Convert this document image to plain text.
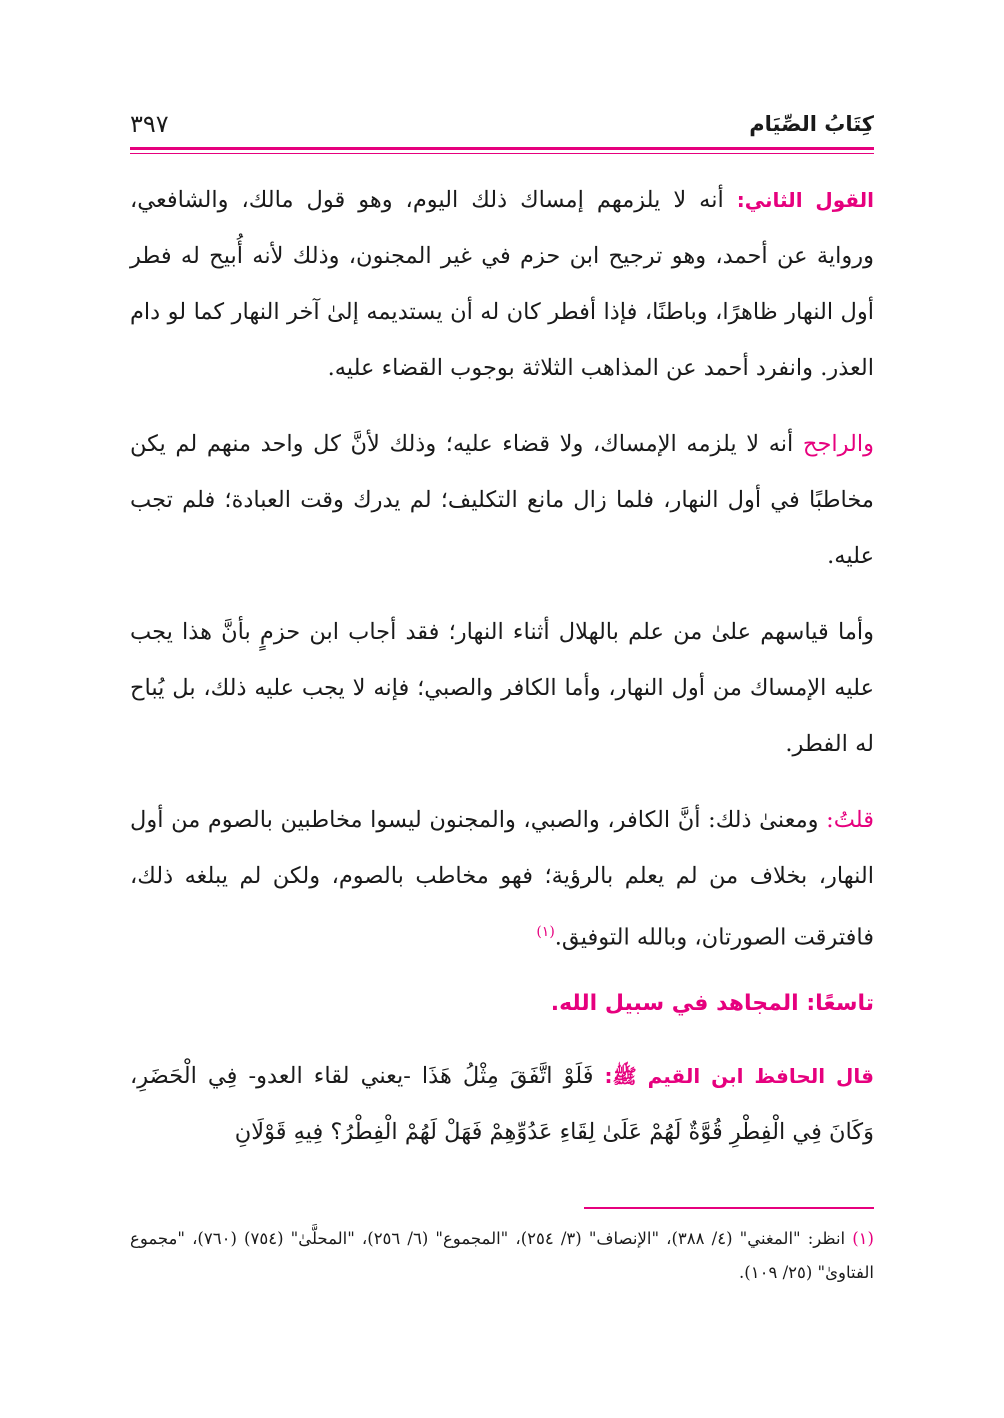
٣٩٧	كِتَابُ الصِّيَام

القول الثاني: أنه لا يلزمهم إمساك ذلك اليوم، وهو قول مالك، والشافعي، ورواية عن أحمد، وهو ترجيح ابن حزم في غير المجنون، وذلك لأنه أُبيح له فطر أول النهار ظاهرًا، وباطنًا، فإذا أفطر كان له أن يستديمه إلىٰ آخر النهار كما لو دام العذر. وانفرد أحمد عن المذاهب الثلاثة بوجوب القضاء عليه.

والراجح أنه لا يلزمه الإمساك، ولا قضاء عليه؛ وذلك لأنَّ كل واحد منهم لم يكن مخاطبًا في أول النهار، فلما زال مانع التكليف؛ لم يدرك وقت العبادة؛ فلم تجب عليه.

وأما قياسهم علىٰ من علم بالهلال أثناء النهار؛ فقد أجاب ابن حزمٍ بأنَّ هذا يجب عليه الإمساك من أول النهار، وأما الكافر والصبي؛ فإنه لا يجب عليه ذلك، بل يُباح له الفطر.

قلتُ: ومعنىٰ ذلك: أنَّ الكافر، والصبي، والمجنون ليسوا مخاطبين بالصوم من أول النهار، بخلاف من لم يعلم بالرؤية؛ فهو مخاطب بالصوم، ولكن لم يبلغه ذلك، فافترقت الصورتان، وبالله التوفيق.$^{(١)}$

تاسعًا: المجاهد في سبيل الله.

قال الحافظ ابن القيم ﷺ: فَلَوْ اتَّفَقَ مِثْلُ هَذَا -يعني لقاء العدو- فِي الْحَضَرِ، وَكَانَ فِي الْفِطْرِ قُوَّةٌ لَهُمْ عَلَىٰ لِقَاءِ عَدُوِّهِمْ فَهَلْ لَهُمْ الْفِطْرُ؟ فِيهِ قَوْلَانِ

(١) انظر: "المغني" (٤/ ٣٨٨)، "الإنصاف" (٣/ ٢٥٤)، "المجموع" (٦/ ٢٥٦)، "المحلَّىٰ" (٧٥٤) (٧٦٠)، "مجموع الفتاوىٰ" (٢٥/ ١٠٩).
